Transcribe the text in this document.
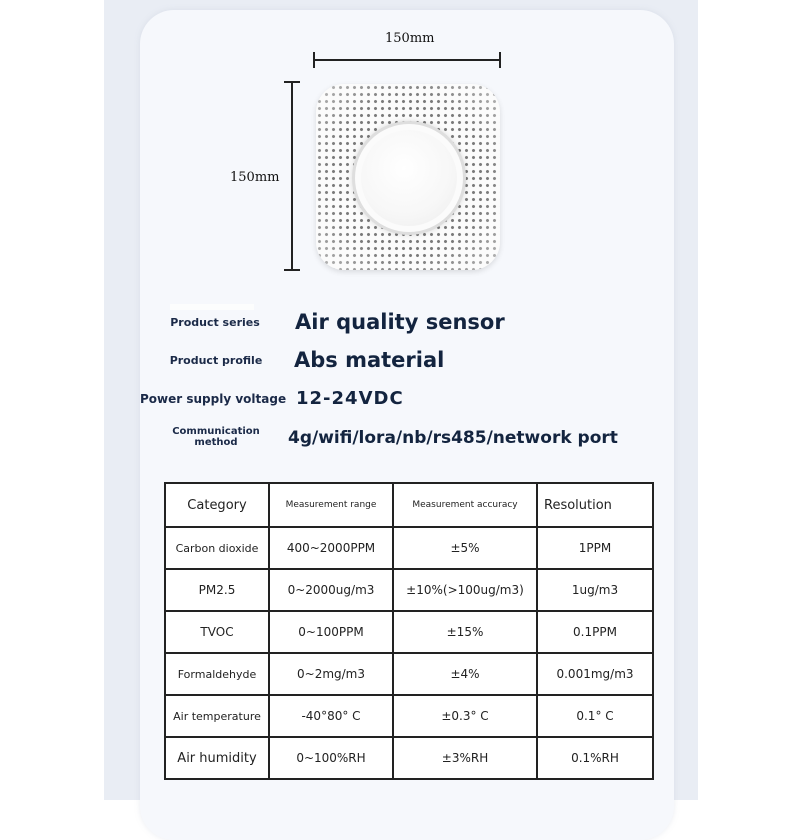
150mm
150mm
Product series	Air quality sensor
Product profile	Abs material
Power supply voltage 12-24VDC
Communication method	4g/wifi/lora/nb/rs485/network port
Category	Measurement range	Measurement accuracy	Resolution
Carbon dioxide	400~2000PPM	±5%	1PPM
PM2.5	0~2000ug/m3	±10%(>100ug/m3)	1ug/m3
TVOC	0~100PPM	±15%	0.1PPM
Formaldehyde	0~2mg/m3	±4%	0.001mg/m3
Air temperature	-40°80° C	±0.3° C	0.1° C
Air humidity	0~100%RH	±3%RH	0.1%RH
